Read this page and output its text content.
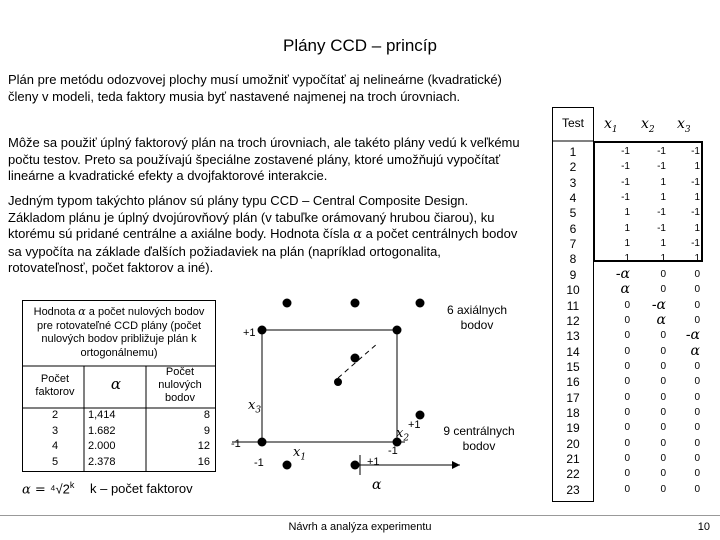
Plány CCD – princíp
Plán pre metódu odozvovej plochy musí umožniť vypočítať aj nelineárne (kvadratické) členy v modeli, teda faktory musia byť nastavené najmenej na troch úrovniach.
Môže sa použiť úplný faktorový plán na troch úrovniach, ale takéto plány vedú k veľkému počtu testov. Preto sa používajú špeciálne zostavené plány, ktoré umožňujú vypočítať lineárne a kvadratické efekty a dvojfaktorové interakcie.
Jedným typom takýchto plánov sú plány typu CCD – Central Composite Design. Základom plánu je úplný dvojúrovňový plán (v tabuľke orámovaný hrubou čiarou), ku ktorému sú pridané centrálne a axiálne body. Hodnota čísla α a počet centrálnych bodov sa vypočíta na základe ďalších požiadaviek na plán (napríklad ortogonalita, rotovateľnosť, počet faktorov a iné).
Hodnota α a počet nulových bodov pre rotovateľné CCD plány (počet nulových bodov približuje plán k ortogonálnemu)
Počet faktorov	α
Počet nulových bodov
2	1,414	8
3	1.682	9
4	2.000	12
5	2.378	16
$\alpha = ^4√2^k$ k – počet faktorov
+1
-1
-1	+1
+1
-1
$x_3$
$x_1$
$x_2$
α
6 axiálnych bodov
9 centrálnych bodov
Test	$x_1$ $x_2$ $x_3$
1	-1	-1	-1
2	-1	-1	1
3	-1	1	-1
4	-1	1	1
5	1	-1	-1
6	1	-1	1
7	1	1	-1
8	1	1	1
9	-α	0	0
10	α	0	0
11	0	-α	0
12	0	α	0
13	0	0	-α
14	0	0	α
15	0	0	0
16	0	0	0
17	0	0	0
18	0	0	0
19	0	0	0
20	0	0	0
21	0	0	0
22	0	0	0
23	0	0	0
Návrh a analýza experimentu	10
